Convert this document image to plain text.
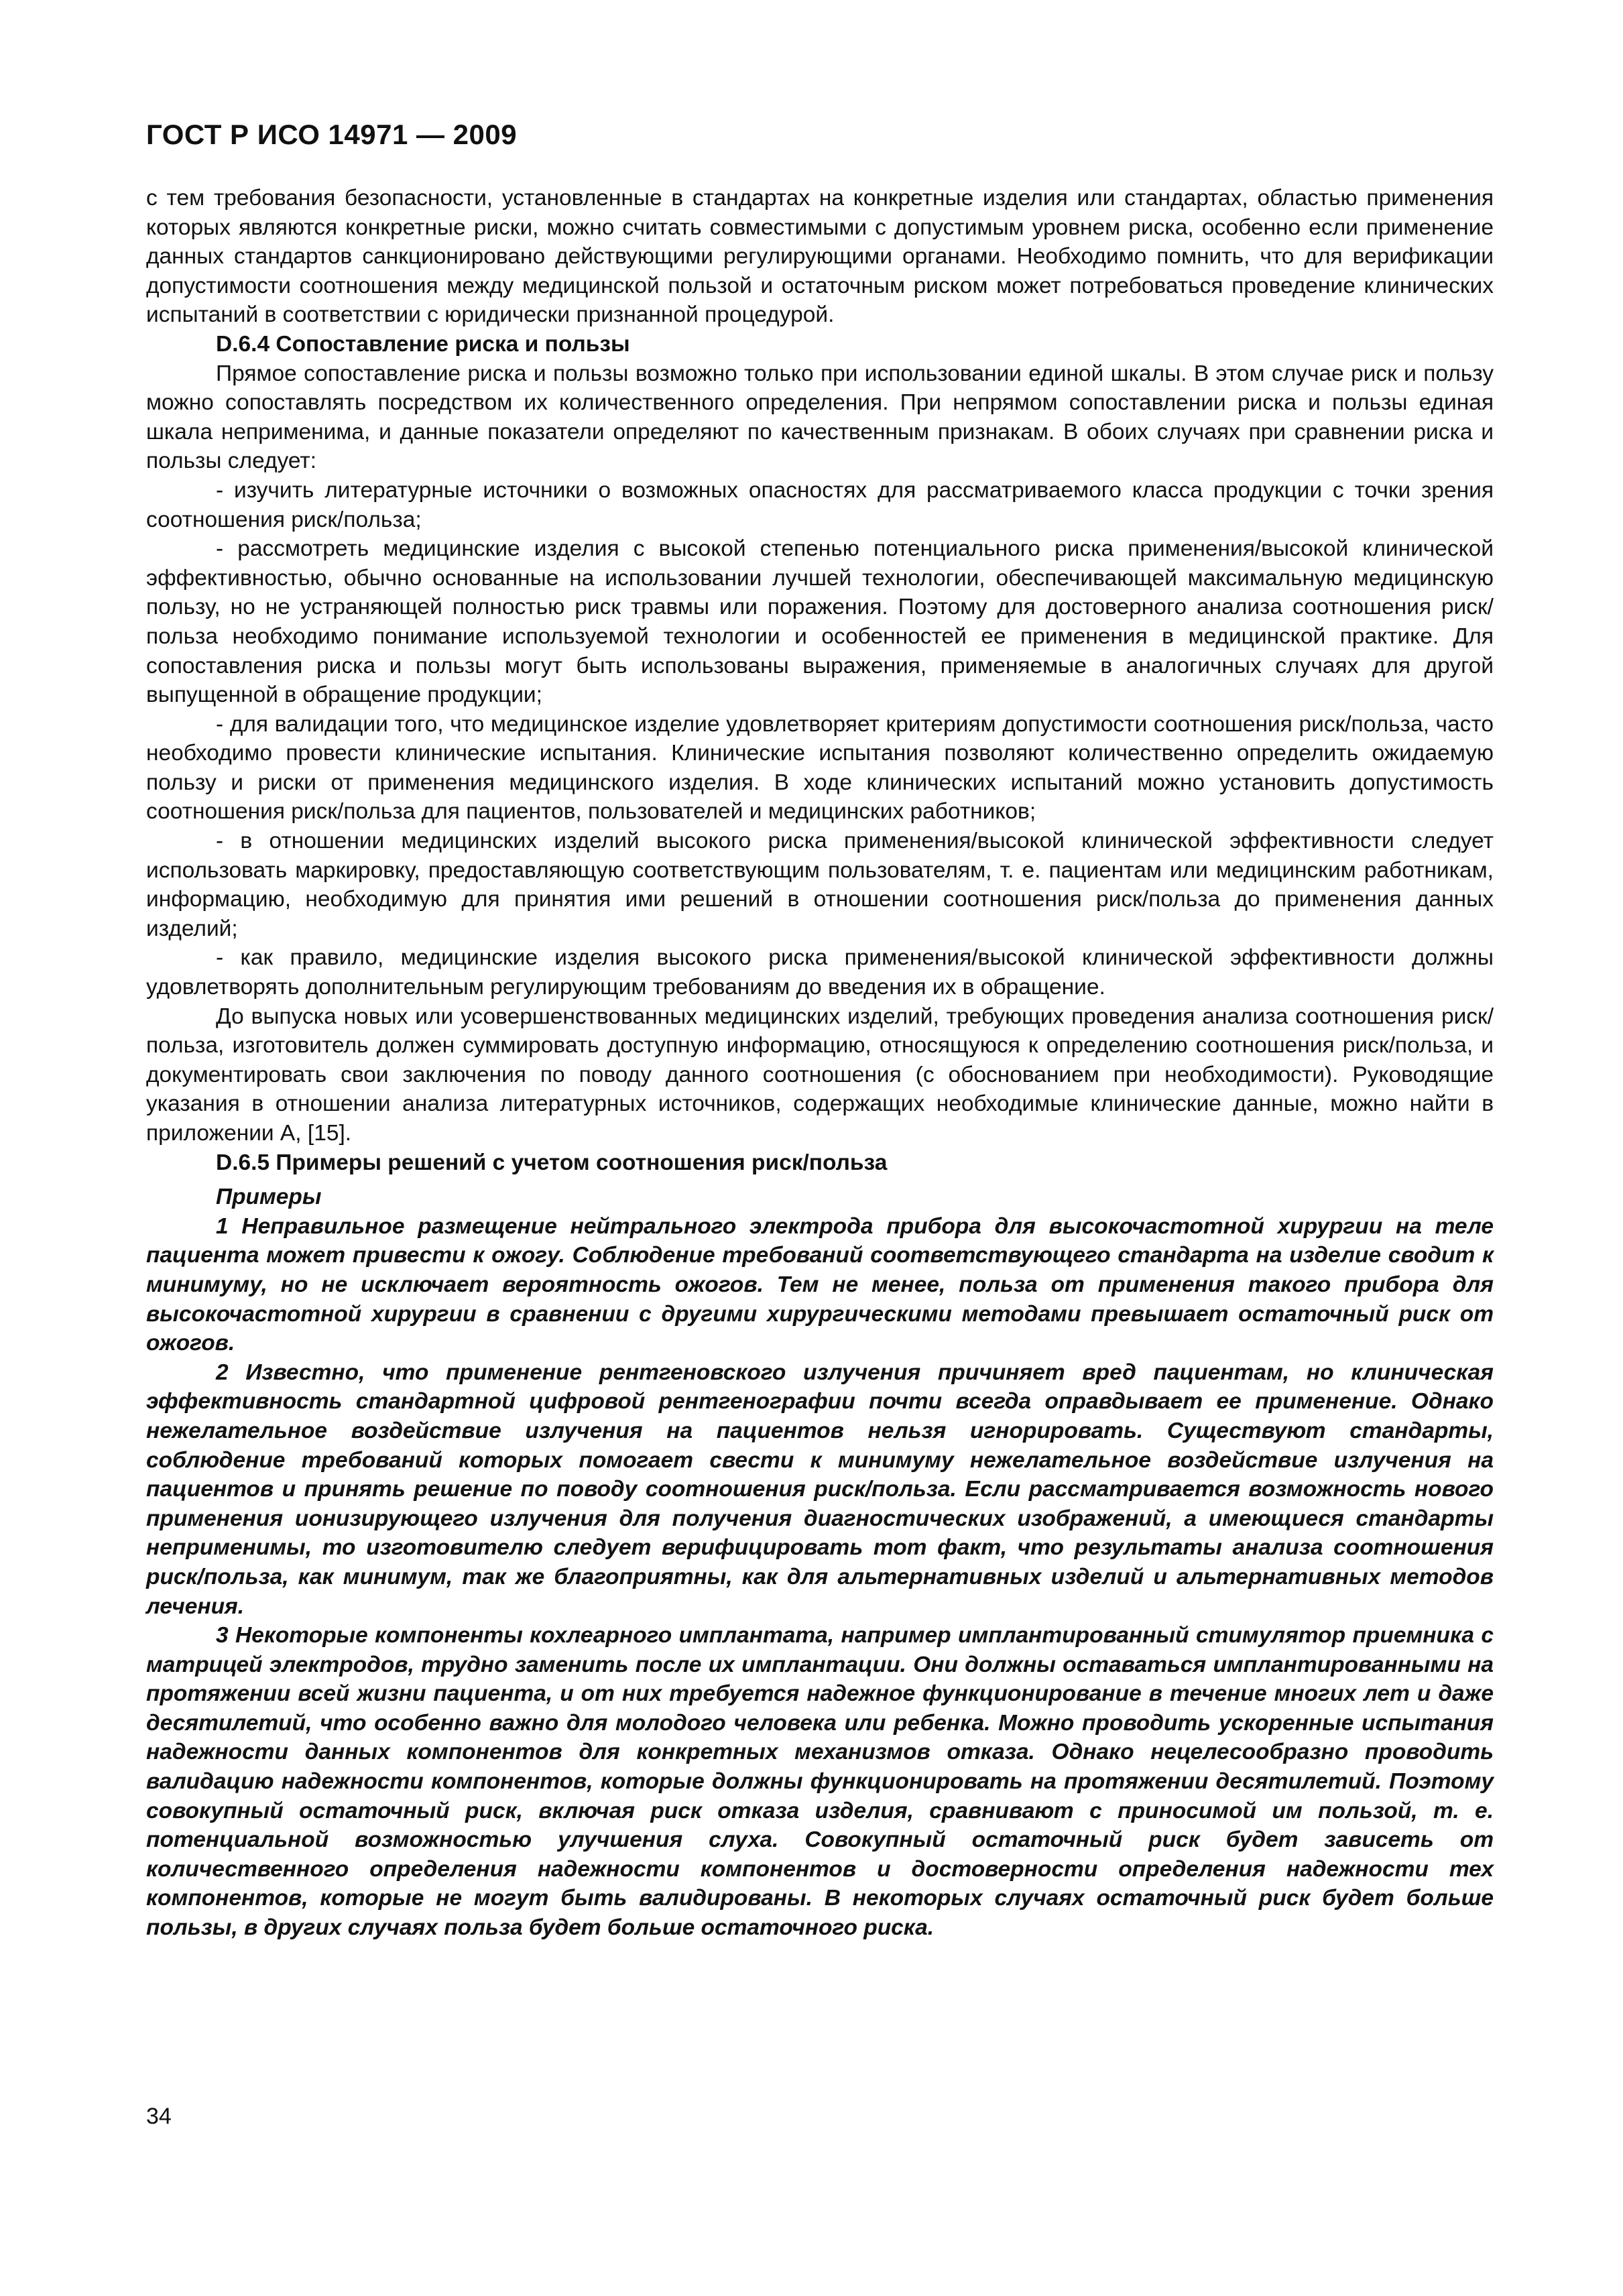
ГОСТ Р ИСО 14971 — 2009

с тем требования безопасности, установленные в стандартах на конкретные изделия или стандартах, областью применения которых являются конкретные риски, можно считать совместимыми с допустимым уровнем риска, особенно если применение данных стандартов санкционировано действующими регулирующими органами. Необходимо помнить, что для верификации допустимости соотношения между медицинской пользой и остаточным риском может потребоваться проведение клинических испытаний в соответствии с юридически признанной процедурой.

D.6.4 Сопоставление риска и пользы

Прямое сопоставление риска и пользы возможно только при использовании единой шкалы. В этом случае риск и пользу можно сопоставлять посредством их количественного определения. При непрямом сопоставлении риска и пользы единая шкала неприменима, и данные показатели определяют по качественным признакам. В обоих случаях при сравнении риска и пользы следует:

- изучить литературные источники о возможных опасностях для рассматриваемого класса продукции с точки зрения соотношения риск/польза;

- рассмотреть медицинские изделия с высокой степенью потенциального риска применения/высокой клинической эффективностью, обычно основанные на использовании лучшей технологии, обеспечивающей максимальную медицинскую пользу, но не устраняющей полностью риск травмы или поражения. Поэтому для достоверного анализа соотношения риск/польза необходимо понимание используемой технологии и особенностей ее применения в медицинской практике. Для сопоставления риска и пользы могут быть использованы выражения, применяемые в аналогичных случаях для другой выпущенной в обращение продукции;

- для валидации того, что медицинское изделие удовлетворяет критериям допустимости соотношения риск/польза, часто необходимо провести клинические испытания. Клинические испытания позволяют количественно определить ожидаемую пользу и риски от применения медицинского изделия. В ходе клинических испытаний можно установить допустимость соотношения риск/польза для пациентов, пользователей и медицинских работников;

- в отношении медицинских изделий высокого риска применения/высокой клинической эффективности следует использовать маркировку, предоставляющую соответствующим пользователям, т. е. пациентам или медицинским работникам, информацию, необходимую для принятия ими решений в отношении соотношения риск/польза до применения данных изделий;

- как правило, медицинские изделия высокого риска применения/высокой клинической эффективности должны удовлетворять дополнительным регулирующим требованиям до введения их в обращение.

До выпуска новых или усовершенствованных медицинских изделий, требующих проведения анализа соотношения риск/польза, изготовитель должен суммировать доступную информацию, относящуюся к определению соотношения риск/польза, и документировать свои заключения по поводу данного соотношения (с обоснованием при необходимости). Руководящие указания в отношении анализа литературных источников, содержащих необходимые клинические данные, можно найти в приложении А, [15].

D.6.5 Примеры решений с учетом соотношения риск/польза

Примеры

1 Неправильное размещение нейтрального электрода прибора для высокочастотной хирургии на теле пациента может привести к ожогу. Соблюдение требований соответствующего стандарта на изделие сводит к минимуму, но не исключает вероятность ожогов. Тем не менее, польза от применения такого прибора для высокочастотной хирургии в сравнении с другими хирургическими методами превышает остаточный риск от ожогов.

2 Известно, что применение рентгеновского излучения причиняет вред пациентам, но клиническая эффективность стандартной цифровой рентгенографии почти всегда оправдывает ее применение. Однако нежелательное воздействие излучения на пациентов нельзя игнорировать. Существуют стандарты, соблюдение требований которых помогает свести к минимуму нежелательное воздействие излучения на пациентов и принять решение по поводу соотношения риск/польза. Если рассматривается возможность нового применения ионизирующего излучения для получения диагностических изображений, а имеющиеся стандарты неприменимы, то изготовителю следует верифицировать тот факт, что результаты анализа соотношения риск/польза, как минимум, так же благоприятны, как для альтернативных изделий и альтернативных методов лечения.

3 Некоторые компоненты кохлеарного имплантата, например имплантированный стимулятор приемника с матрицей электродов, трудно заменить после их имплантации. Они должны оставаться имплантированными на протяжении всей жизни пациента, и от них требуется надежное функционирование в течение многих лет и даже десятилетий, что особенно важно для молодого человека или ребенка. Можно проводить ускоренные испытания надежности данных компонентов для конкретных механизмов отказа. Однако нецелесообразно проводить валидацию надежности компонентов, которые должны функционировать на протяжении десятилетий. Поэтому совокупный остаточный риск, включая риск отказа изделия, сравнивают с приносимой им пользой, т. е. потенциальной возможностью улучшения слуха. Совокупный остаточный риск будет зависеть от количественного определения надежности компонентов и достоверности определения надежности тех компонентов, которые не могут быть валидированы. В некоторых случаях остаточный риск будет больше пользы, в других случаях польза будет больше остаточного риска.

34
